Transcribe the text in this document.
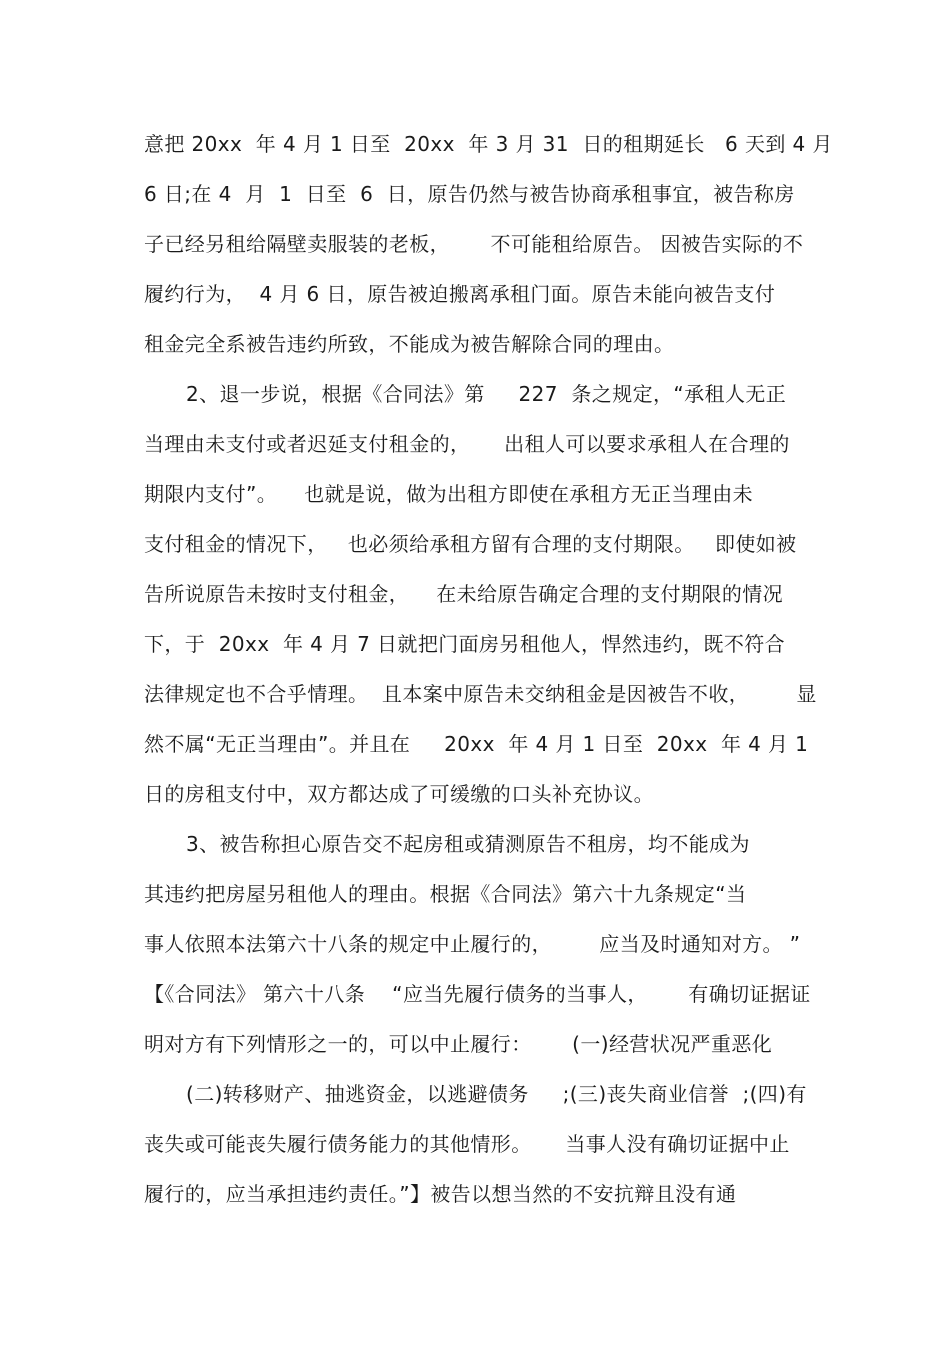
意把 20xx  年 4 月 1 日至  20xx  年 3 月 31  日的租期延长   6 天到 4 月
6 日;在 4  月  1  日至  6  日，原告仍然与被告协商承租事宜，被告称房
子已经另租给隔壁卖服装的老板，      不可能租给原告。 因被告实际的不
履约行为，  4 月 6 日，原告被迫搬离承租门面。原告未能向被告支付
租金完全系被告违约所致，不能成为被告解除合同的理由。
2、退一步说，根据《合同法》第     227  条之规定，“承租人无正
当理由未支付或者迟延支付租金的，     出租人可以要求承租人在合理的
期限内支付”。    也就是说，做为出租方即使在承租方无正当理由未
支付租金的情况下，   也必须给承租方留有合理的支付期限。   即使如被
告所说原告未按时支付租金，    在未给原告确定合理的支付期限的情况
下，于  20xx  年 4 月 7 日就把门面房另租他人，悍然违约，既不符合
法律规定也不合乎情理。  且本案中原告未交纳租金是因被告不收，       显
然不属“无正当理由”。并且在     20xx  年 4 月 1 日至  20xx  年 4 月 1
日的房租支付中，双方都达成了可缓缴的口头补充协议。
3、被告称担心原告交不起房租或猜测原告不租房，均不能成为
其违约把房屋另租他人的理由。根据《合同法》第六十九条规定“当
事人依照本法第六十八条的规定中止履行的，       应当及时通知对方。 ”
【《合同法》 第六十八条    “应当先履行债务的当事人，      有确切证据证
明对方有下列情形之一的，可以中止履行：      (一)经营状况严重恶化
(二)转移财产、抽逃资金，以逃避债务     ;(三)丧失商业信誉  ;(四)有
丧失或可能丧失履行债务能力的其他情形。     当事人没有确切证据中止
履行的，应当承担违约责任。”】被告以想当然的不安抗辩且没有通
